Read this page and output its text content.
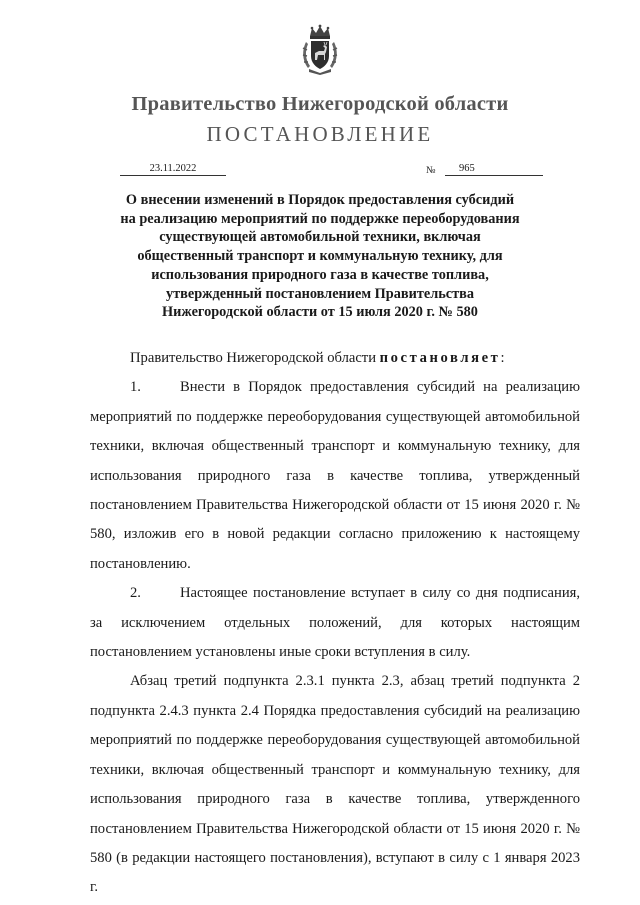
Правительство Нижегородской области
ПОСТАНОВЛЕНИЕ
23.11.2022	№	965
О внесении изменений в Порядок предоставления субсидий
на реализацию мероприятий по поддержке переоборудования
существующей автомобильной техники, включая
общественный транспорт и коммунальную технику, для
использования природного газа в качестве топлива,
утвержденный постановлением Правительства
Нижегородской области от 15 июля 2020 г. № 580

Правительство Нижегородской области постановляет:

1.	Внести в Порядок предоставления субсидий на реализацию мероприятий по поддержке переоборудования существующей автомобильной техники, включая общественный транспорт и коммунальную технику, для использования природного газа в качестве топлива, утвержденный постановлением Правительства Нижегородской области от 15 июня 2020 г. № 580, изложив его в новой редакции согласно приложению к настоящему постановлению.

2.	Настоящее постановление вступает в силу со дня подписания, за исключением отдельных положений, для которых настоящим постановлением установлены иные сроки вступления в силу.

Абзац третий подпункта 2.3.1 пункта 2.3, абзац третий подпункта 2 подпункта 2.4.3 пункта 2.4 Порядка предоставления субсидий на реализацию мероприятий по поддержке переоборудования существующей автомобильной техники, включая общественный транспорт и коммунальную технику, для использования природного газа в качестве топлива, утвержденного постановлением Правительства Нижегородской области от 15 июня 2020 г. № 580 (в редакции настоящего постановления), вступают в силу с 1 января 2023 г.
